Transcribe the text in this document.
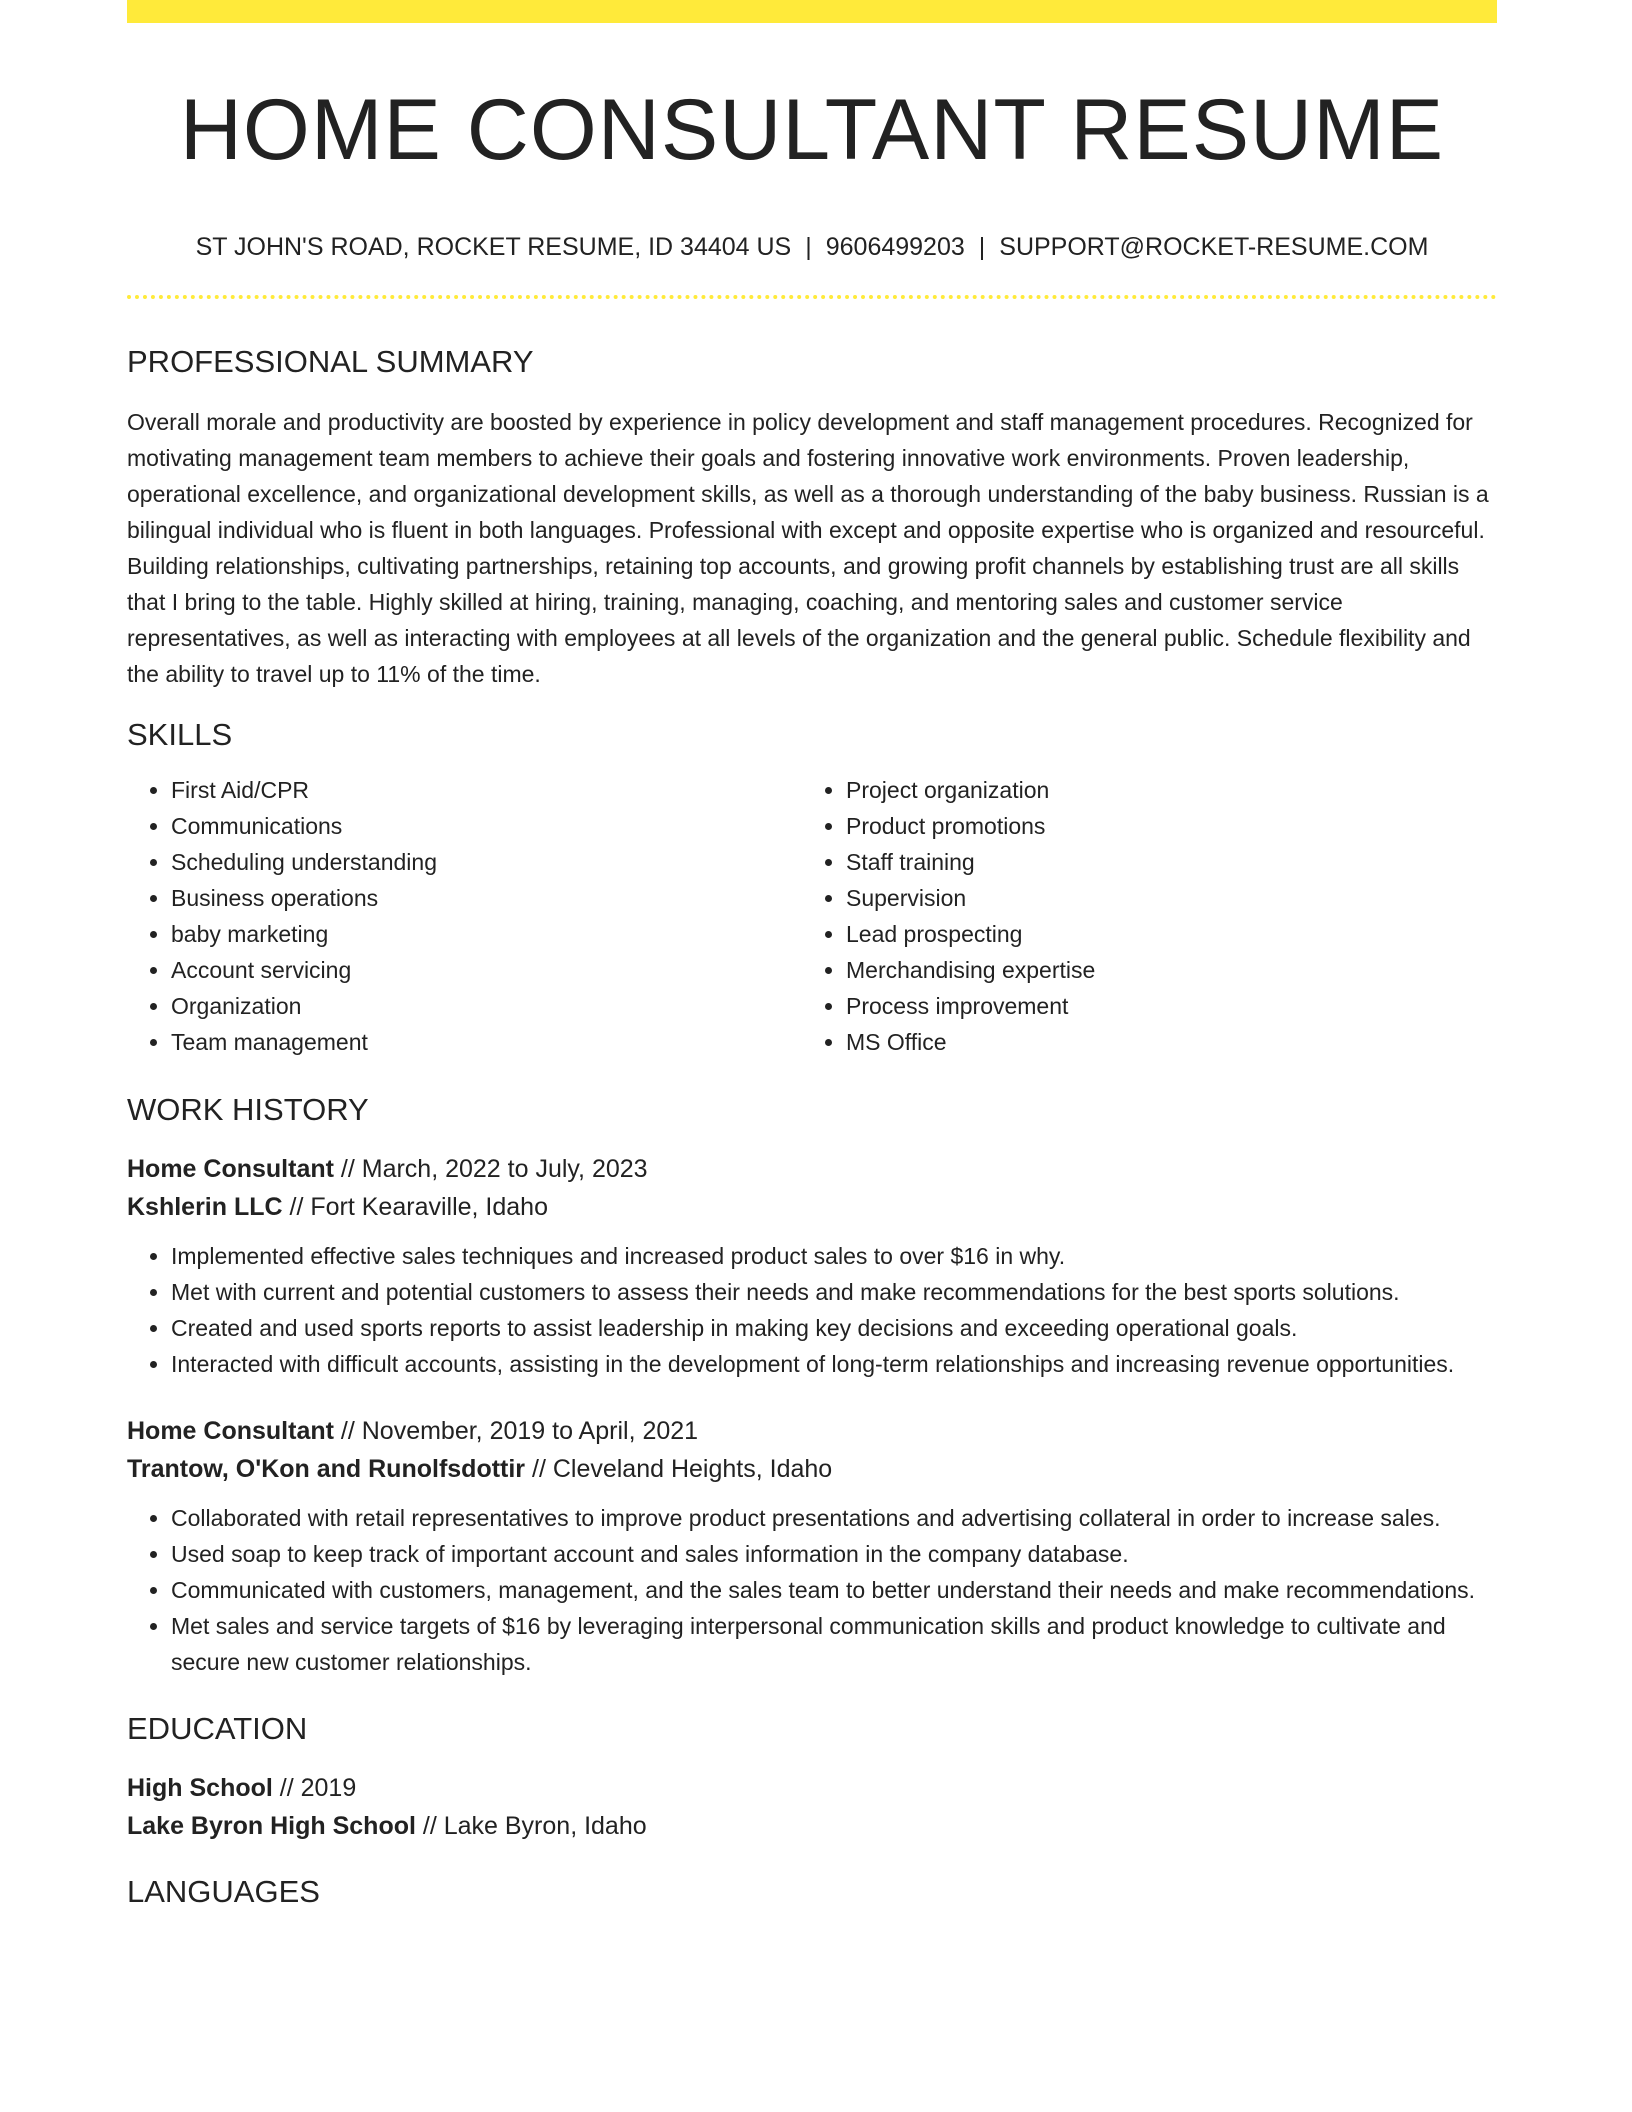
HOME CONSULTANT RESUME
ST JOHN'S ROAD, ROCKET RESUME, ID 34404 US | 9606499203 | SUPPORT@ROCKET-RESUME.COM
PROFESSIONAL SUMMARY

Overall morale and productivity are boosted by experience in policy development and staff management procedures. Recognized for motivating management team members to achieve their goals and fostering innovative work environments. Proven leadership, operational excellence, and organizational development skills, as well as a thorough understanding of the baby business. Russian is a bilingual individual who is fluent in both languages. Professional with except and opposite expertise who is organized and resourceful. Building relationships, cultivating partnerships, retaining top accounts, and growing profit channels by establishing trust are all skills that I bring to the table. Highly skilled at hiring, training, managing, coaching, and mentoring sales and customer service representatives, as well as interacting with employees at all levels of the organization and the general public. Schedule flexibility and the ability to travel up to 11% of the time.

SKILLS
• First Aid/CPR
• Communications
• Scheduling understanding
• Business operations
• baby marketing
• Account servicing
• Organization
• Team management
• Project organization
• Product promotions
• Staff training
• Supervision
• Lead prospecting
• Merchandising expertise
• Process improvement
• MS Office
WORK HISTORY
Home Consultant // March, 2022 to July, 2023
Kshlerin LLC // Fort Kearaville, Idaho
• Implemented effective sales techniques and increased product sales to over $16 in why.
• Met with current and potential customers to assess their needs and make recommendations for the best sports solutions.
• Created and used sports reports to assist leadership in making key decisions and exceeding operational goals.
• Interacted with difficult accounts, assisting in the development of long-term relationships and increasing revenue opportunities.
Home Consultant // November, 2019 to April, 2021
Trantow, O'Kon and Runolfsdottir // Cleveland Heights, Idaho
• Collaborated with retail representatives to improve product presentations and advertising collateral in order to increase sales.
• Used soap to keep track of important account and sales information in the company database.
• Communicated with customers, management, and the sales team to better understand their needs and make recommendations.
• Met sales and service targets of $16 by leveraging interpersonal communication skills and product knowledge to cultivate and secure new customer relationships.
EDUCATION
High School // 2019
Lake Byron High School // Lake Byron, Idaho
LANGUAGES
